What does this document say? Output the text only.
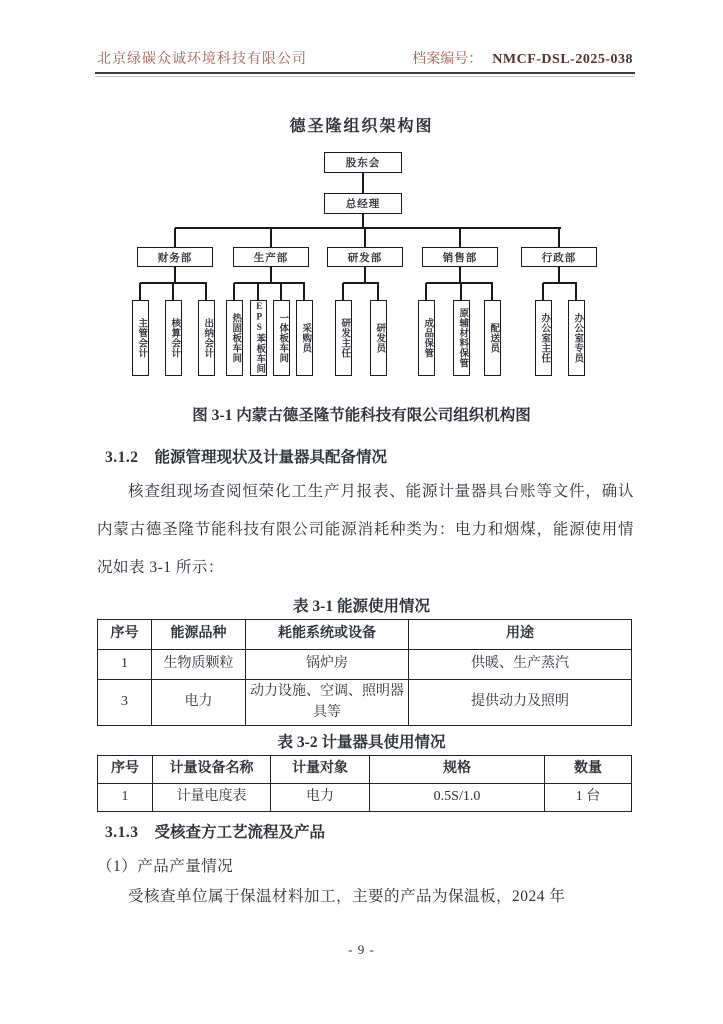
北京绿碳众诚环境科技有限公司	档案编号： NMCF-DSL-2025-038
德圣隆组织架构图
股东会
总经理
财务部	生产部	研发部	销售部	行政部
主管会计	核算会计	出纳会计	热固板车间	EPS苯板车间	一体板车间	采购员	研发主任	研发员	成品保管	原辅材料保管	配送员	办公室主任	办公室专员
图 3-1 内蒙古德圣隆节能科技有限公司组织机构图
3.1.2 能源管理现状及计量器具配备情况
核查组现场查阅恒荣化工生产月报表、能源计量器具台账等文件，确认内蒙古德圣隆节能科技有限公司能源消耗种类为：电力和烟煤，能源使用情况如表 3-1 所示：
表 3-1 能源使用情况
序号	能源品种	耗能系统或设备	用途
1	生物质颗粒	锅炉房	供暖、生产蒸汽
3	电力	动力设施、空调、照明器具等	提供动力及照明
表 3-2 计量器具使用情况
序号	计量设备名称	计量对象	规格	数量
1	计量电度表	电力	0.5S/1.0	1 台
3.1.3 受核查方工艺流程及产品
（1）产品产量情况
受核查单位属于保温材料加工，主要的产品为保温板，2024 年
- 9 -
